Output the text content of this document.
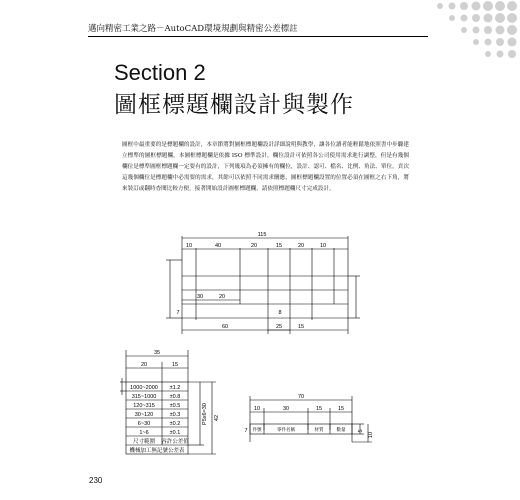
邁向精密工業之路－AutoCAD環境規劃與精密公差標註
Section 2
圖框標題欄設計與製作
圖框中最重要的是標題欄的設計，本章節將對圖框標題欄設計詳細說明與教學，讓各位讀者能輕鬆地依照書中步驟建立標準的圖框標題欄。本圖框標題欄是依據 ISO 標準設計，欄位設計可依照各公司使用需求進行調整，但是有幾個欄位是標準圖框標題欄一定要有的設計，下列幾項為必須擁有的欄位，設計、認可、檔名、比例、角法、單位，貢次這幾個欄位是標題欄中必需要的需求，其餘可以依照不同需求刪應，圖框標題欄設置的位置必須在圖框之右下角，將來裝訂或翻時杳閱比較方便，接著開始設計圖框標題欄，請依照標題欄尺寸完成設計。
115
10	40	20	15	20	10
30	20
7	8
60	25	15
35
20	15
1000~2000 ±1.2
315~1000 ±0.8
120~315	±0.5
30~120	±0.3
6~30	±0.2
1~6	±0.1
尺寸範圍 容許公差值
機械加工無記號公差表
P5x6=30 42
70
10	30	15	15
7 件號	零件名稱	材質	數量 5
10
230
